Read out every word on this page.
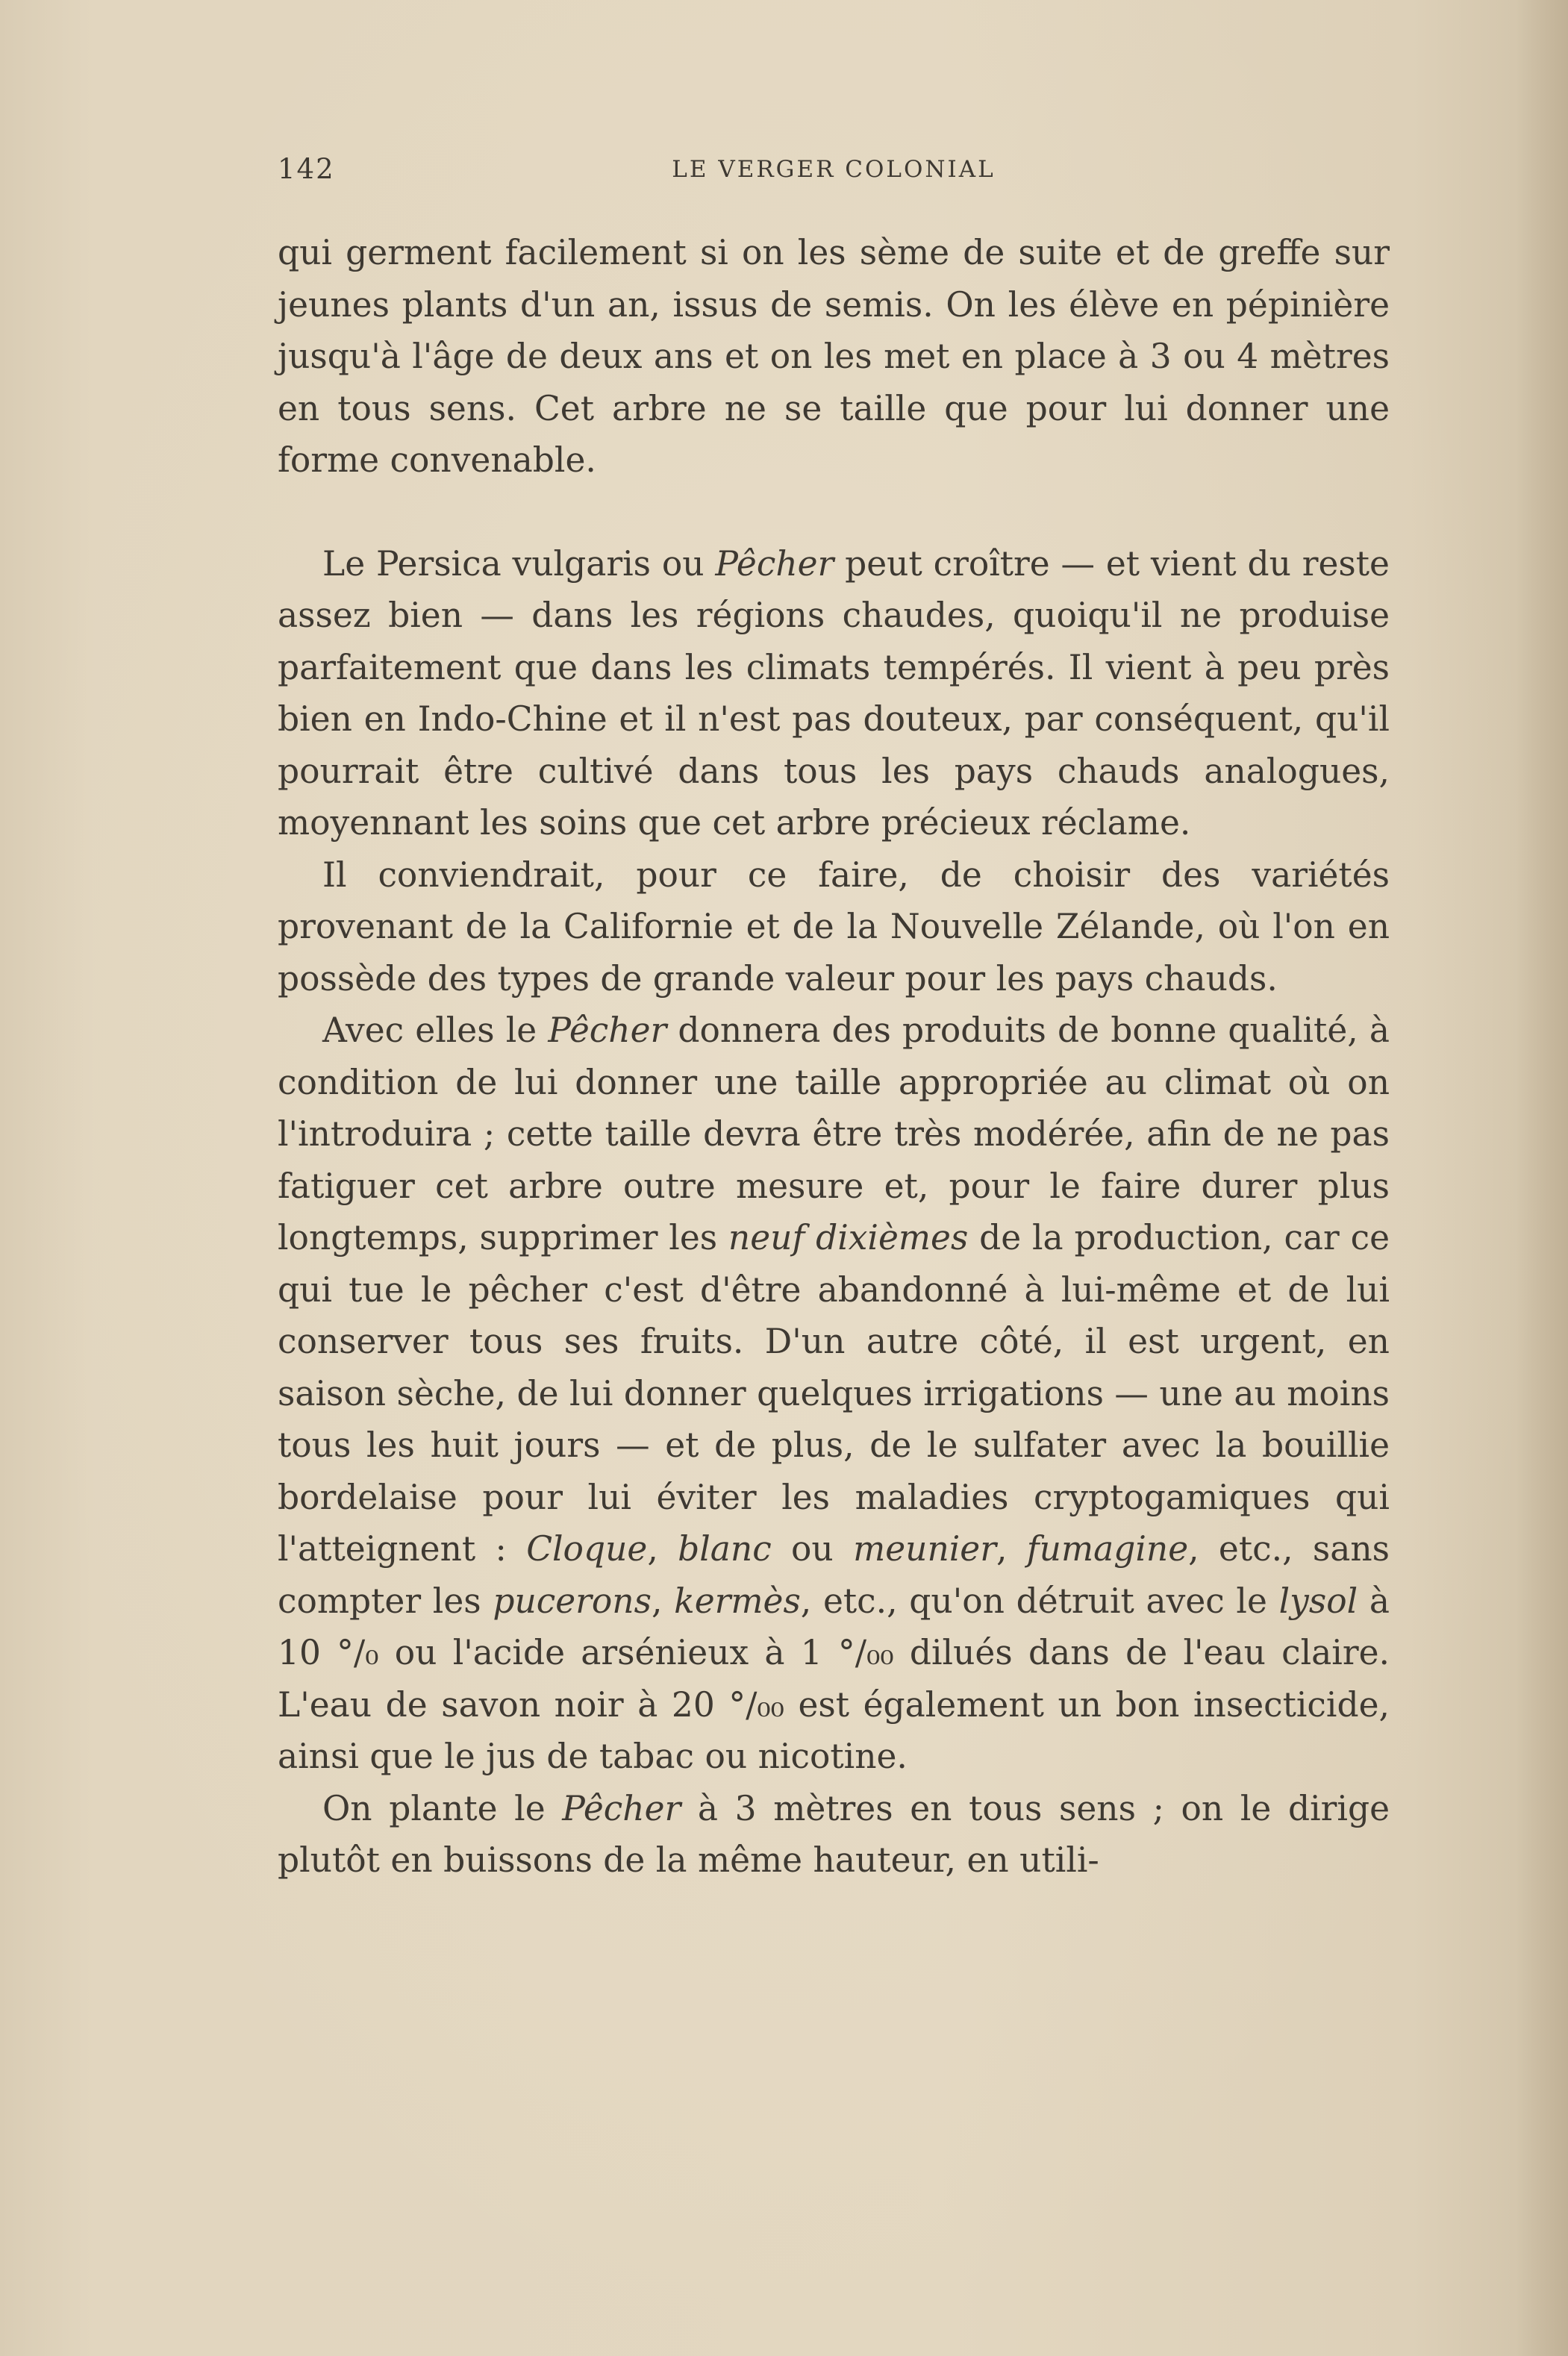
142	LE VERGER COLONIAL

qui germent facilement si on les sème de suite et de greffe sur jeunes plants d'un an, issus de semis. On les élève en pépinière jusqu'à l'âge de deux ans et on les met en place à 3 ou 4 mètres en tous sens. Cet arbre ne se taille que pour lui donner une forme convenable.

Le Persica vulgaris ou Pêcher peut croître — et vient du reste assez bien — dans les régions chaudes, quoiqu'il ne produise parfaitement que dans les climats tempérés. Il vient à peu près bien en Indo-Chine et il n'est pas douteux, par conséquent, qu'il pourrait être cultivé dans tous les pays chauds analogues, moyennant les soins que cet arbre précieux réclame.

Il conviendrait, pour ce faire, de choisir des variétés provenant de la Californie et de la Nouvelle Zélande, où l'on en possède des types de grande valeur pour les pays chauds.

Avec elles le Pêcher donnera des produits de bonne qualité, à condition de lui donner une taille appropriée au climat où on l'introduira ; cette taille devra être très modérée, afin de ne pas fatiguer cet arbre outre mesure et, pour le faire durer plus longtemps, supprimer les neuf dixièmes de la production, car ce qui tue le pêcher c'est d'être abandonné à lui-même et de lui conserver tous ses fruits. D'un autre côté, il est urgent, en saison sèche, de lui donner quelques irrigations — une au moins tous les huit jours — et de plus, de le sulfater avec la bouillie bordelaise pour lui éviter les maladies cryptogamiques qui l'atteignent : Cloque, blanc ou meunier, fumagine, etc., sans compter les pucerons, kermès, etc., qu'on détruit avec le lysol à 10 °/₀ ou l'acide arsénieux à 1 °/₀₀ dilués dans de l'eau claire. L'eau de savon noir à 20 °/₀₀ est également un bon insecticide, ainsi que le jus de tabac ou nicotine.

On plante le Pêcher à 3 mètres en tous sens ; on le dirige plutôt en buissons de la même hauteur, en utili-
